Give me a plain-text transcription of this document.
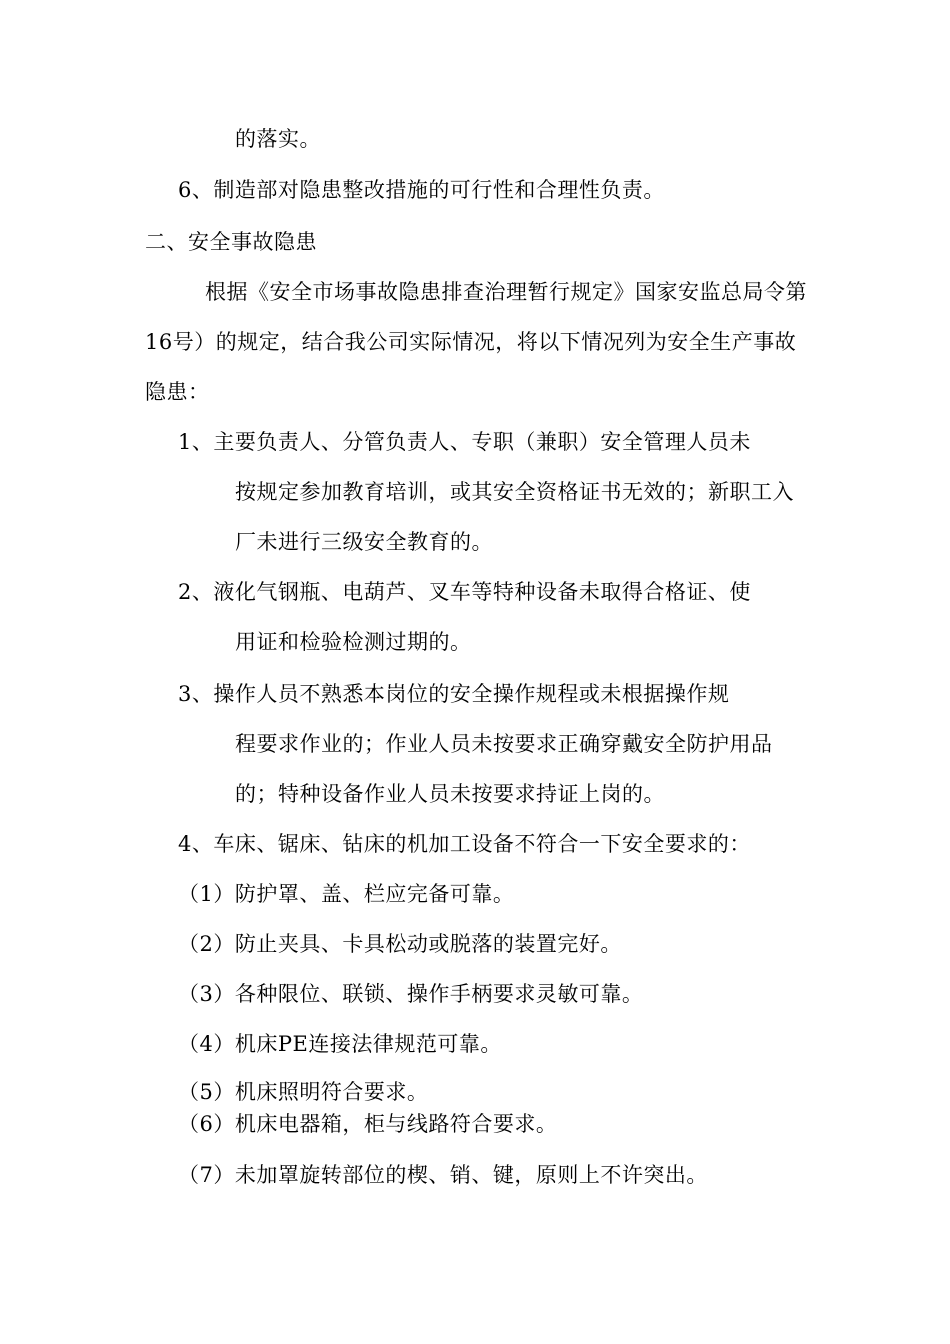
的落实。
6、制造部对隐患整改措施的可行性和合理性负责。
二、安全事故隐患
根据《安全市场事故隐患排查治理暂行规定》国家安监总局令第
16号）的规定，结合我公司实际情况，将以下情况列为安全生产事故
隐患：
1、主要负责人、分管负责人、专职（兼职）安全管理人员未
按规定参加教育培训，或其安全资格证书无效的；新职工入
厂未进行三级安全教育的。
2、液化气钢瓶、电葫芦、叉车等特种设备未取得合格证、使
用证和检验检测过期的。
3、操作人员不熟悉本岗位的安全操作规程或未根据操作规
程要求作业的；作业人员未按要求正确穿戴安全防护用品
的；特种设备作业人员未按要求持证上岗的。
4、车床、锯床、钻床的机加工设备不符合一下安全要求的：
（1）防护罩、盖、栏应完备可靠。
（2）防止夹具、卡具松动或脱落的装置完好。
（3）各种限位、联锁、操作手柄要求灵敏可靠。
（4）机床PE连接法律规范可靠。
（5）机床照明符合要求。
（6）机床电器箱，柜与线路符合要求。
（7）未加罩旋转部位的楔、销、键，原则上不许突出。
